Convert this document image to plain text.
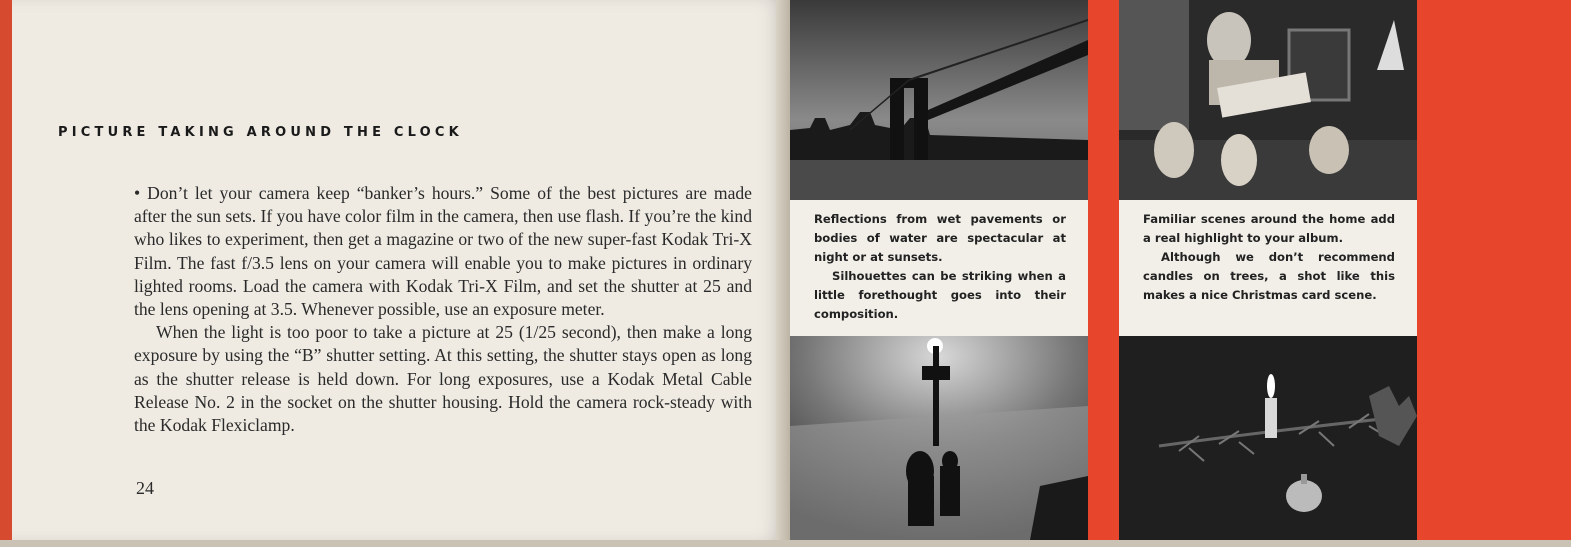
PICTURE TAKING AROUND THE CLOCK

• Don’t let your camera keep “banker’s hours.” Some of the best pictures are made after the sun sets. If you have color film in the camera, then use flash. If you’re the kind who likes to experiment, then get a magazine or two of the new super-fast Kodak Tri-X Film. The fast f/3.5 lens on your camera will enable you to make pictures in ordinary lighted rooms. Load the camera with Kodak Tri-X Film, and set the shutter at 25 and the lens opening at 3.5. Whenever possible, use an exposure meter.

When the light is too poor to take a picture at 25 (1/25 second), then make a long exposure by using the “B” shutter setting. At this setting, the shutter stays open as long as the shutter release is held down. For long exposures, use a Kodak Metal Cable Release No. 2 in the socket on the shutter housing. Hold the camera rock-steady with the Kodak Flexiclamp.

24

Reflections from wet pavements or bodies of water are spectacular at night or at sunsets.

Silhouettes can be striking when a little forethought goes into their composition.

Familiar scenes around the home add a real highlight to your album.

Although we don’t recommend candles on trees, a shot like this makes a nice Christmas card scene.
